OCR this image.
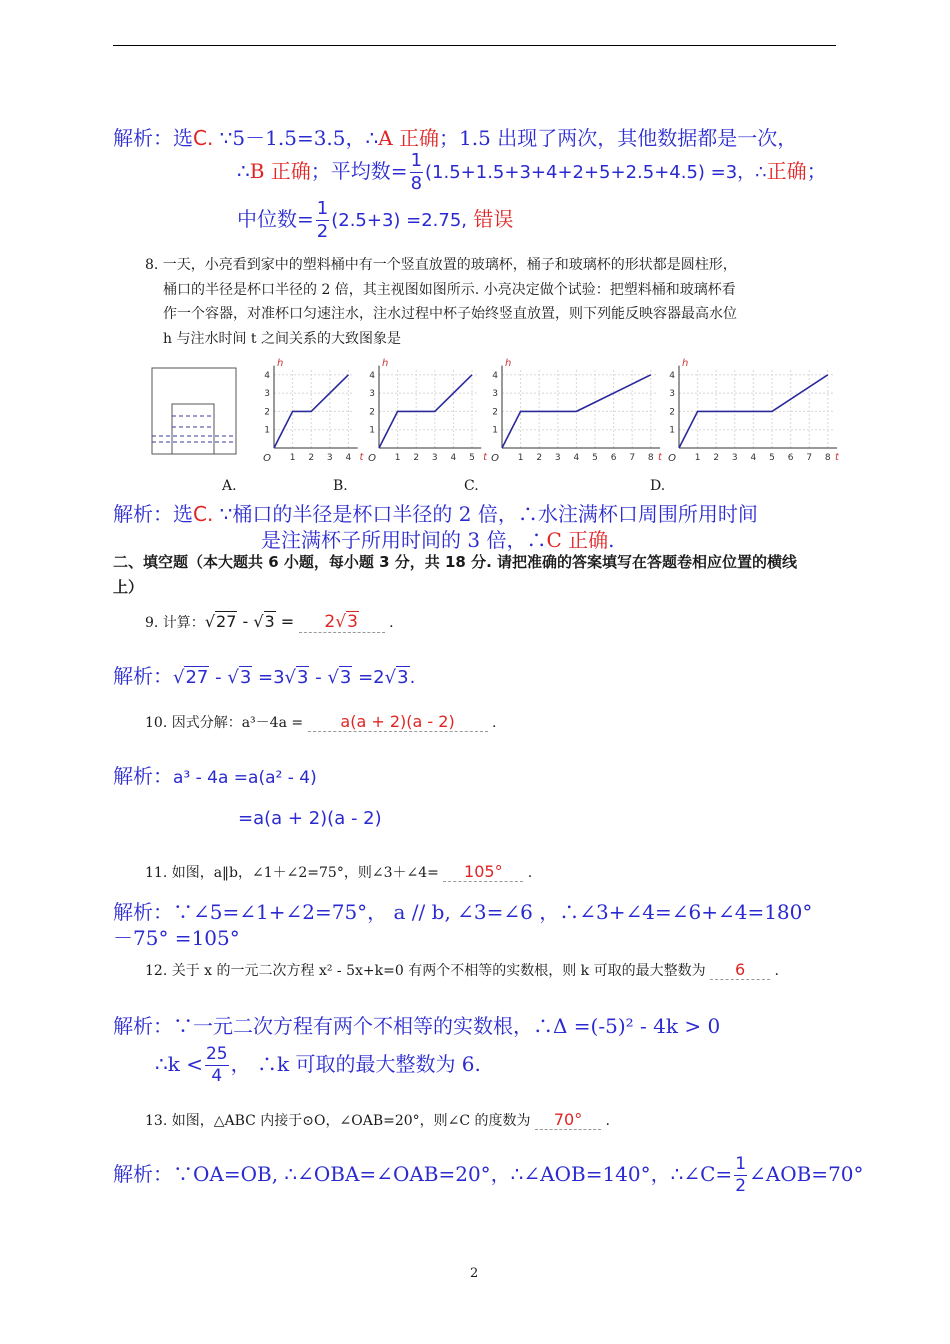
解析：选C. ∵5－1.5=3.5，∴A 正确；1.5 出现了两次，其他数据都是一次，
∴B 正确；平均数= $\frac{1}{8} (1.5+1.5+3+4+2+5+2.5+4.5) =3$，∴正确；
中位数= $\frac{1}{2} (2.5+3) =2.75$, 错误
8. 一天，小亮看到家中的塑料桶中有一个竖直放置的玻璃杯，桶子和玻璃杯的形状都是圆柱形，
桶口的半径是杯口半径的 2 倍，其主视图如图所示. 小亮决定做个试验：把塑料桶和玻璃杯看
作一个容器，对准杯口匀速注水，注水过程中杯子始终竖直放置，则下列能反映容器最高水位
h 与注水时间 t 之间关系的大致图象是
1 2 3 4
1
2
3
4
O	t
h
1 2 3 4 5
1
2
3
4
O	t
h
1 2 3 4 5 6 7 8
1
2
3
4
O	t
h
1 2 3 4 5 6 7 8
1
2
3
4
O	t
h
A.	B.	C.	D.
解析：选C. ∵桶口的半径是杯口半径的 2 倍，∴水注满杯口周围所用时间
是注满杯子所用时间的 3 倍，∴C 正确.
二、填空题（本大题共 6 小题，每小题 3 分，共 18 分. 请把准确的答案填写在答题卷相应位置的横线
上）
9. 计算：√27 - √3 = 2√3 .
解析：√27 - √3 =3√3 - √3 =2√3.
10. 因式分解：a³－4a = a(a + 2)(a - 2)	.
解析：a³ - 4a =a(a² - 4)
=a(a + 2)(a - 2)
11. 如图，a‖b，∠1＋∠2=75°，则∠3＋∠4= 105° .
解析：∵∠5=∠1+∠2=75°， a // b, ∠3=∠6 ，∴∠3+∠4=∠6+∠4=180°
－75° =105°
12. 关于 x 的一元二次方程 x² - 5x+k=0 有两个不相等的实数根，则 k 可取的最大整数为 6 .
解析：∵一元二次方程有两个不相等的实数根，∴Δ =(-5)² - 4k > 0
∴k < $\frac{25}{4}$ ， ∴k 可取的最大整数为 6.
13. 如图，△ABC 内接于⊙O，∠OAB=20°，则∠C 的度数为 70° .
解析：∵OA=OB, ∴∠OBA=∠OAB=20°，∴∠AOB=140°，∴∠C= $\frac{1}{2}$ ∠AOB=70°
2
